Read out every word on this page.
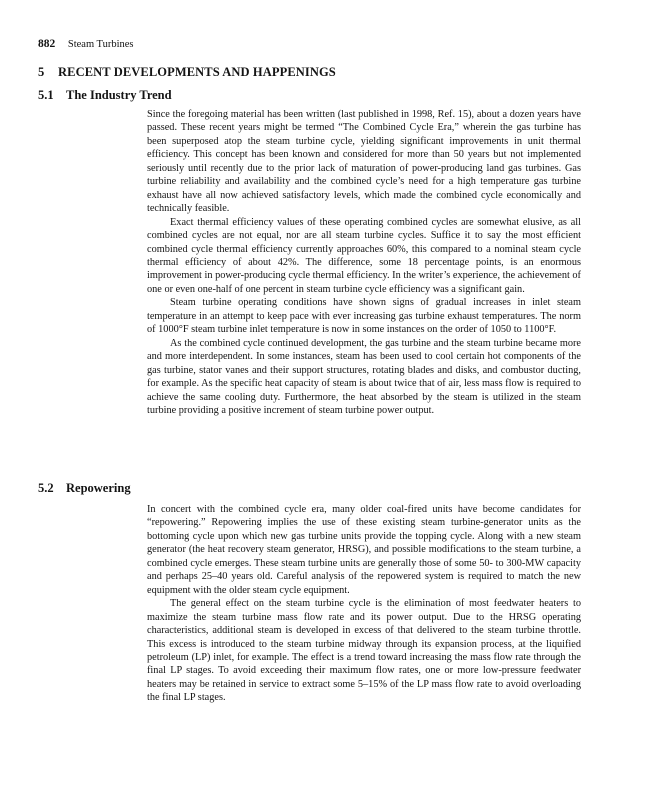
882 Steam Turbines
5 RECENT DEVELOPMENTS AND HAPPENINGS
5.1 The Industry Trend

Since the foregoing material has been written (last published in 1998, Ref. 15), about a dozen years have passed. These recent years might be termed “The Combined Cycle Era,” wherein the gas turbine has been superposed atop the steam turbine cycle, yielding significant improvements in unit thermal efficiency. This concept has been known and considered for more than 50 years but not implemented seriously until recently due to the prior lack of maturation of power-producing land gas turbines. Gas turbine reliability and availability and the combined cycle’s need for a high temperature gas turbine exhaust have all now achieved satisfactory levels, which made the combined cycle economically and technically feasible.

Exact thermal efficiency values of these operating combined cycles are somewhat elusive, as all combined cycles are not equal, nor are all steam turbine cycles. Suffice it to say the most efficient combined cycle thermal efficiency currently approaches 60%, this compared to a nominal steam cycle thermal efficiency of about 42%. The difference, some 18 percentage points, is an enormous improvement in power-producing cycle thermal efficiency. In the writer’s experience, the achievement of one or even one-half of one percent in steam turbine cycle efficiency was a significant gain.

Steam turbine operating conditions have shown signs of gradual increases in inlet steam temperature in an attempt to keep pace with ever increasing gas turbine exhaust temperatures. The norm of 1000°F steam turbine inlet temperature is now in some instances on the order of 1050 to 1100°F.

As the combined cycle continued development, the gas turbine and the steam turbine became more and more interdependent. In some instances, steam has been used to cool certain hot components of the gas turbine, stator vanes and their support structures, rotating blades and disks, and combustor ducting, for example. As the specific heat capacity of steam is about twice that of air, less mass flow is required to achieve the same cooling duty. Furthermore, the heat absorbed by the steam is utilized in the steam turbine providing a positive increment of steam turbine power output.

5.2 Repowering

In concert with the combined cycle era, many older coal-fired units have become candidates for “repowering.” Repowering implies the use of these existing steam turbine-generator units as the bottoming cycle upon which new gas turbine units provide the topping cycle. Along with a new steam generator (the heat recovery steam generator, HRSG), and possible modifications to the steam turbine, a combined cycle emerges. These steam turbine units are generally those of some 50- to 300-MW capacity and perhaps 25–40 years old. Careful analysis of the repowered system is required to match the new equipment with the older steam cycle equipment.

The general effect on the steam turbine cycle is the elimination of most feedwater heaters to maximize the steam turbine mass flow rate and its power output. Due to the HRSG operating characteristics, additional steam is developed in excess of that delivered to the steam turbine throttle. This excess is introduced to the steam turbine midway through its expansion process, at the liquified petroleum (LP) inlet, for example. The effect is a trend toward increasing the mass flow rate through the final LP stages. To avoid exceeding their maximum flow rates, one or more low-pressure feedwater heaters may be retained in service to extract some 5–15% of the LP mass flow rate to avoid overloading the final LP stages.
